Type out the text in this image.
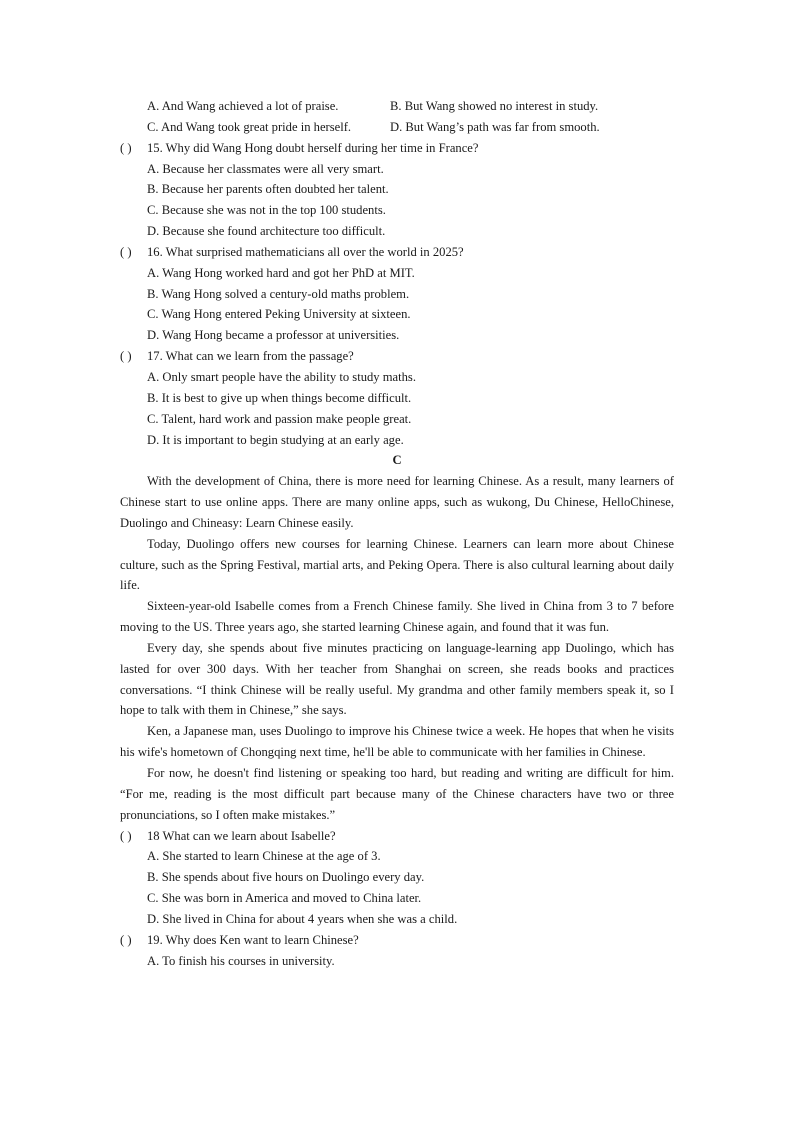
A. And Wang achieved a lot of praise.	B. But Wang showed no interest in study.
C. And Wang took great pride in herself.	D. But Wang’s path was far from smooth.
( )	15. Why did Wang Hong doubt herself during her time in France?
A. Because her classmates were all very smart.
B. Because her parents often doubted her talent.
C. Because she was not in the top 100 students.
D. Because she found architecture too difficult.
( )	16. What surprised mathematicians all over the world in 2025?
A. Wang Hong worked hard and got her PhD at MIT.
B. Wang Hong solved a century-old maths problem.
C. Wang Hong entered Peking University at sixteen.
D. Wang Hong became a professor at universities.
( )	17. What can we learn from the passage?
A. Only smart people have the ability to study maths.
B. It is best to give up when things become difficult.
C. Talent, hard work and passion make people great.
D. It is important to begin studying at an early age.
C

With the development of China, there is more need for learning Chinese. As a result, many learners of Chinese start to use online apps. There are many online apps, such as wukong, Du Chinese, HelloChinese, Duolingo and Chineasy: Learn Chinese easily.

Today, Duolingo offers new courses for learning Chinese. Learners can learn more about Chinese culture, such as the Spring Festival, martial arts, and Peking Opera. There is also cultural learning about daily life.

Sixteen-year-old Isabelle comes from a French Chinese family. She lived in China from 3 to 7 before moving to the US. Three years ago, she started learning Chinese again, and found that it was fun.

Every day, she spends about five minutes practicing on language-learning app Duolingo, which has lasted for over 300 days. With her teacher from Shanghai on screen, she reads books and practices conversations. “I think Chinese will be really useful. My grandma and other family members speak it, so I hope to talk with them in Chinese,” she says.

Ken, a Japanese man, uses Duolingo to improve his Chinese twice a week. He hopes that when he visits his wife's hometown of Chongqing next time, he'll be able to communicate with her families in Chinese.

For now, he doesn't find listening or speaking too hard, but reading and writing are difficult for him. “For me, reading is the most difficult part because many of the Chinese characters have two or three pronunciations, so I often make mistakes.”

( )	18 What can we learn about Isabelle?
A. She started to learn Chinese at the age of 3.
B. She spends about five hours on Duolingo every day.
C. She was born in America and moved to China later.
D. She lived in China for about 4 years when she was a child.
( )	19. Why does Ken want to learn Chinese?
A. To finish his courses in university.
